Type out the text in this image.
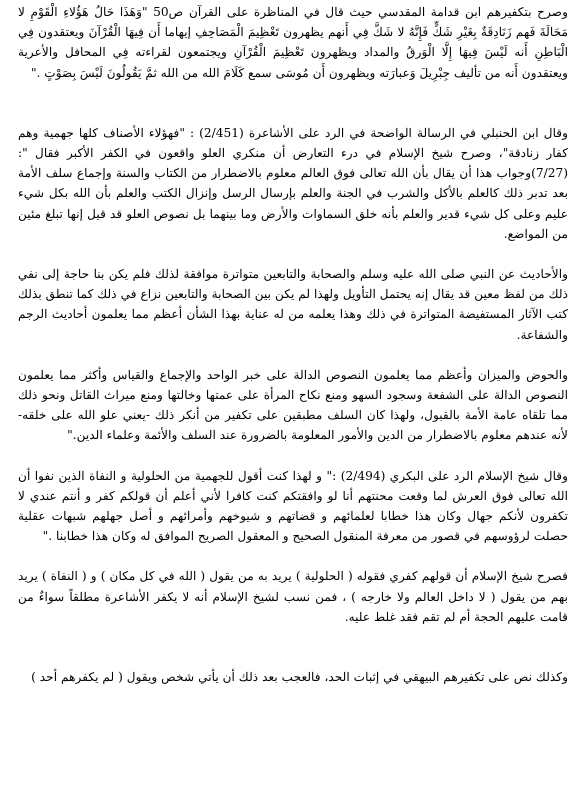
وصرح بتكفيرهم ابن قدامة المقدسي حيث قال في المناظرة على القرآن ص50 "وَهَذَا حَالُ هَؤُلاءِ الْقَوْمِ لا مَحَالَةَ فَهم زَنَادِقَةٌ بِغَيْرِ شَكٍّ فَإِنَّهُ لا شَكَّ فِي أَنهم يظهرون تَعْظِيمَ الْمَصَاحِفِ إيهاما أَن فِيهَا الْقُرْآنَ ويعتقدون فِي الْبَاطِنِ أَنه لَيْسَ فِيهَا إِلَّا الْوَرقُ والمداد ويظهرون تَعْظِيمَ الْقُرْآنِ ويجتمعون لقراءته فِي المحافل والأعرية ويعتقدون أَنه من تأليف جِبْرِيلَ وَعبارَته ويظهرون أَن مُوسَى سمع كَلَامَ الله من الله ثمَّ يَقُولُونَ لَيْسَ بِصَوْتٍ ."

وقال ابن الحنبلي في الرسالة الواضحة في الرد على الأشاعرة (2/451) : "فهؤلاء الأصناف كلها جهمية وهم كفار زنادقة"، وصرح شيخ الإسلام في درء التعارض أن منكري العلو واقعون في الكفر الأكبر فقال ": (7/27)وجواب هذا أن يقال بأن الله تعالى فوق العالم معلوم بالاضطرار من الكتاب والسنة وإجماع سلف الأمة بعد تدبر ذلك كالعلم بالأكل والشرب في الجنة والعلم بإرسال الرسل وإنزال الكتب والعلم بأن الله بكل شيء عليم وعلى كل شيء قدير والعلم بأنه خلق السماوات والأرض وما بينهما بل نصوص العلو قد قيل إنها تبلغ مئين من المواضع.

والأحاديث عن النبي صلى الله عليه وسلم والصحابة والتابعين متواترة موافقة لذلك فلم يكن بنا حاجة إلى نفي ذلك من لفظ معين قد يقال إنه يحتمل التأويل ولهذا لم يكن بين الصحابة والتابعين نزاع في ذلك كما تنطق بذلك كتب الآثار المستفيضة المتواترة في ذلك وهذا يعلمه من له عناية بهذا الشأن أعظم مما يعلمون أحاديث الرجم والشفاعة.

والحوض والميزان وأعظم مما يعلمون النصوص الدالة على خبر الواحد والإجماع والقياس وأكثر مما يعلمون النصوص الدالة على الشفعة وسجود السهو ومنع نكاح المرأة على عمتها وخالتها ومنع ميراث القاتل ونحو ذلك مما تلقاه عامة الأمة بالقبول، ولهذا كان السلف مطبقين على تكفير من أنكر ذلك -يعني علو الله على خلقه- لأنه عندهم معلوم بالاضطرار من الدين والأمور المعلومة بالضرورة عند السلف والأئمة وعلماء الدين."

وقال شيخ الإسلام الرد على البكري (2/494) :" و لهذا كنت أقول للجهمية من الحلولية و النفاة الذين نفوا أن الله تعالى فوق العرش لما وقعت محنتهم أنا لو وافقتكم كنت كافرا لأني أعلم أن قولكم كفر و أنتم عندي لا تكفرون لأنكم جهال وكان هذا خطابا لعلمائهم و قضاتهم و شيوخهم وأمرائهم و أصل جهلهم شبهات عقلية حصلت لرؤوسهم في قصور من معرفة المنقول الصحيح و المعقول الصريح الموافق له وكان هذا خطابنا ."

فصرح شيخ الإسلام أن قولهم كفري فقوله ( الحلولية ) يريد به من يقول ( الله في كل مكان ) و ( النفاة ) يريد بهم من يقول ( لا داخل العالم ولا خارجه ) ، فمن نسب لشيخ الإسلام أنه لا يكفر الأشاعرة مطلقاً سواءٌ من قامت عليهم الحجة أم لم تقم فقد غلط عليه.

وكذلك نص على تكفيرهم البيهقي في إثبات الحد، فالعجب بعد ذلك أن يأتي شخص ويقول ( لم يكفرهم أحد )
